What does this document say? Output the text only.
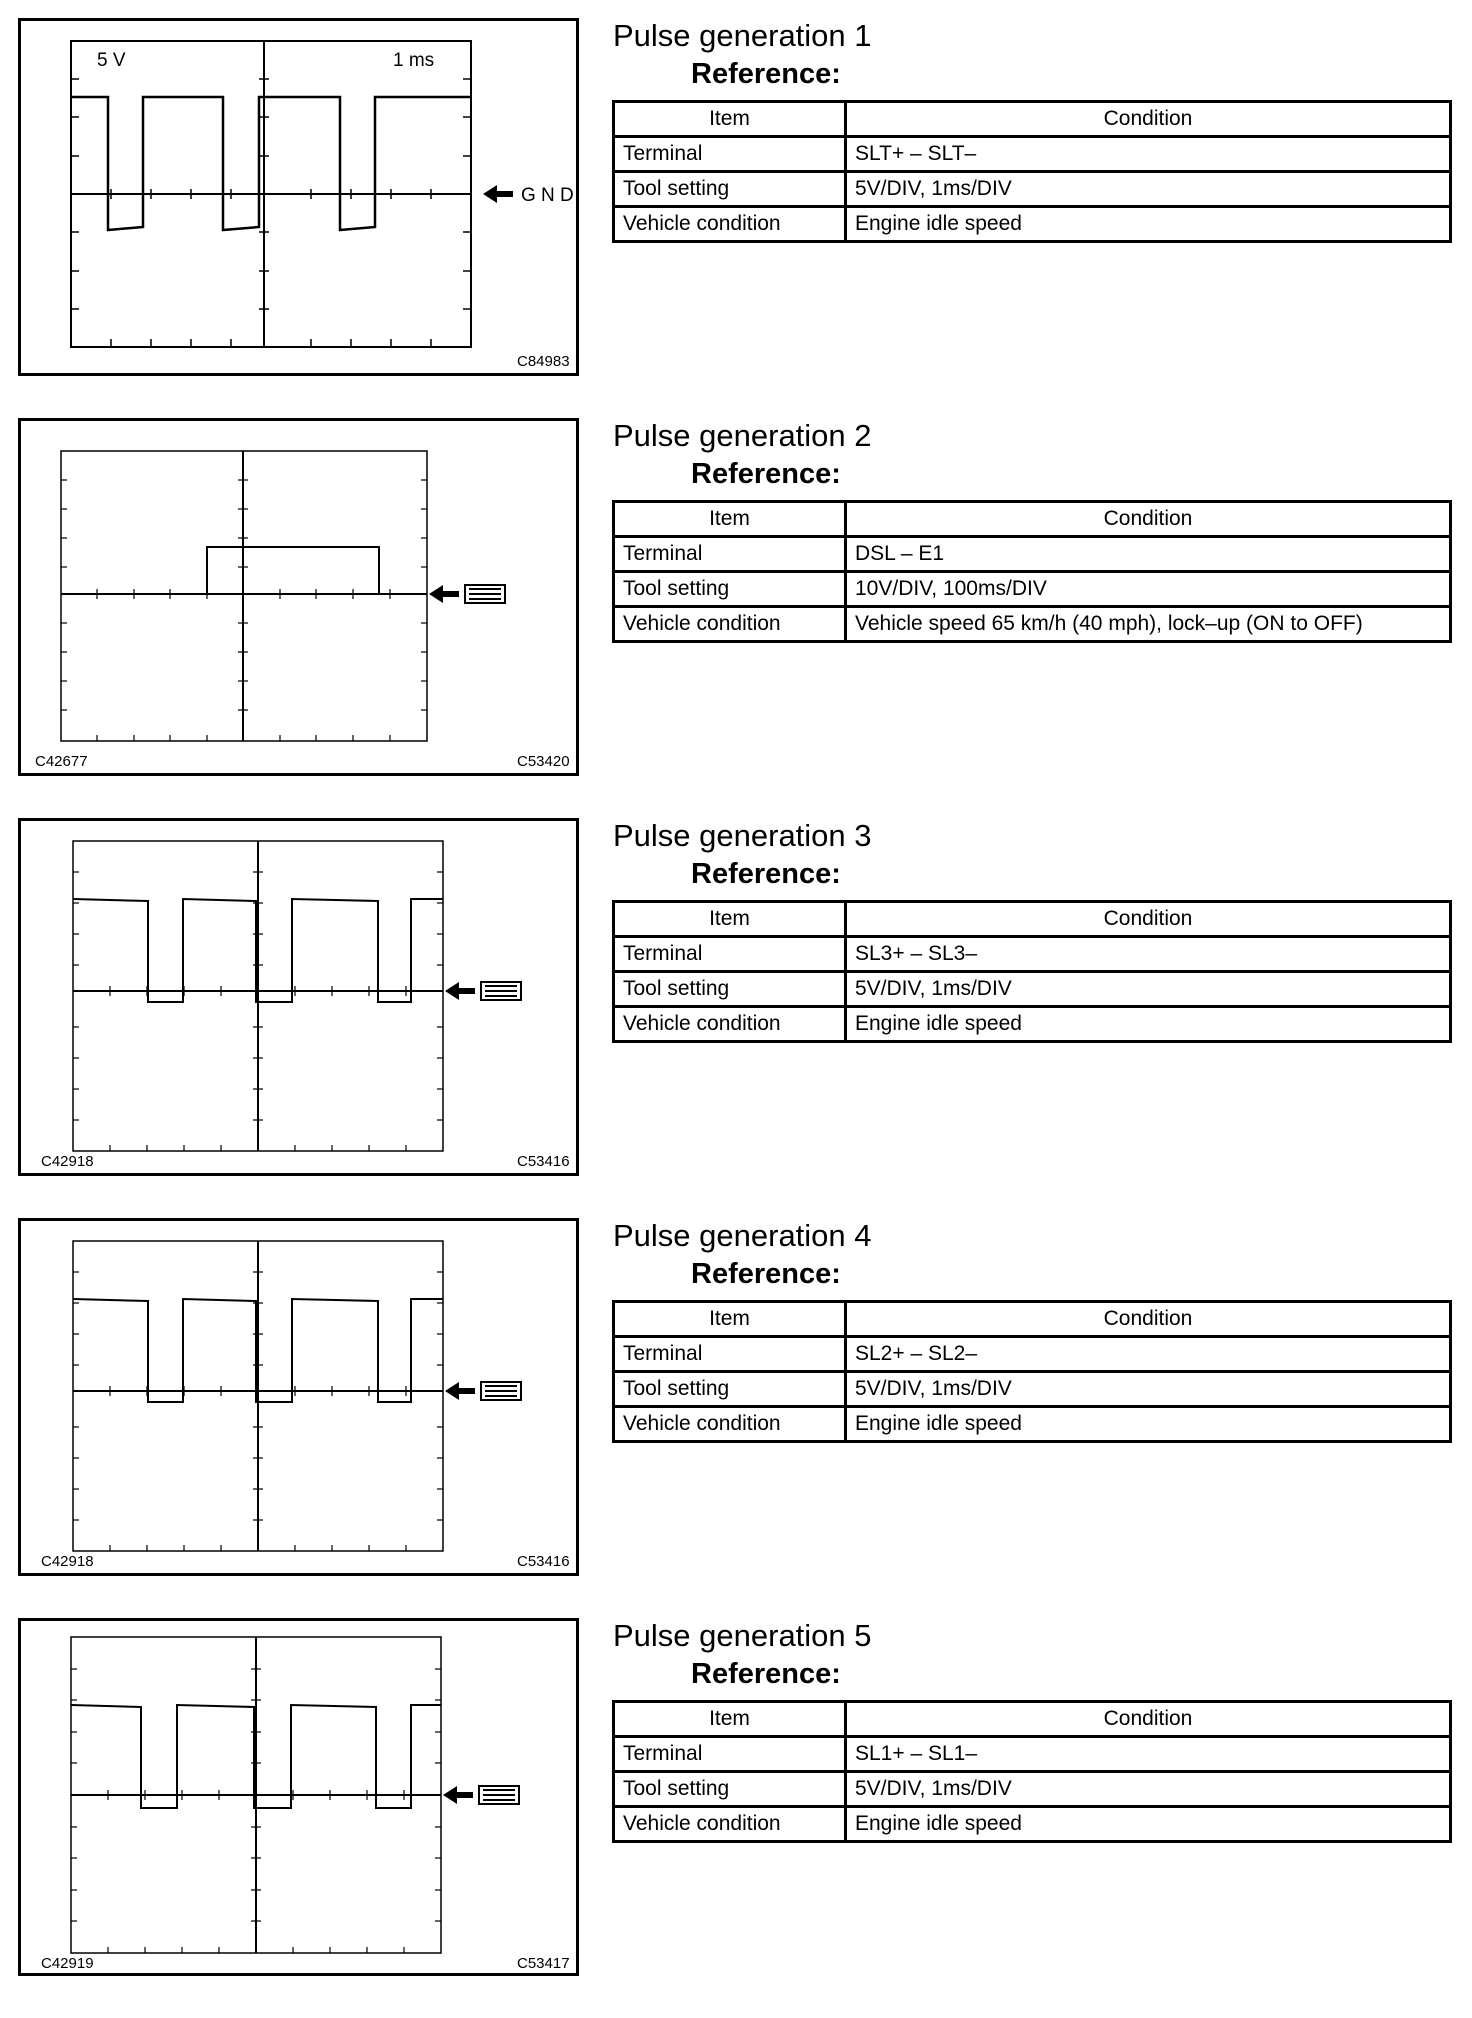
5 V	1 ms
G N D
C84983
Pulse generation 1
Reference:
Item	Condition
Terminal	SLT+ – SLT–
Tool setting	5V/DIV, 1ms/DIV
Vehicle condition	Engine idle speed
C42677	C53420
Pulse generation 2
Reference:
Item	Condition
Terminal	DSL – E1
Tool setting	10V/DIV, 100ms/DIV
Vehicle condition	Vehicle speed 65 km/h (40 mph), lock–up (ON to OFF)
C42918	C53416
Pulse generation 3
Reference:
Item	Condition
Terminal	SL3+ – SL3–
Tool setting	5V/DIV, 1ms/DIV
Vehicle condition	Engine idle speed
C42918	C53416
Pulse generation 4
Reference:
Item	Condition
Terminal	SL2+ – SL2–
Tool setting	5V/DIV, 1ms/DIV
Vehicle condition	Engine idle speed
C42919	C53417
Pulse generation 5
Reference:
Item	Condition
Terminal	SL1+ – SL1–
Tool setting	5V/DIV, 1ms/DIV
Vehicle condition	Engine idle speed
